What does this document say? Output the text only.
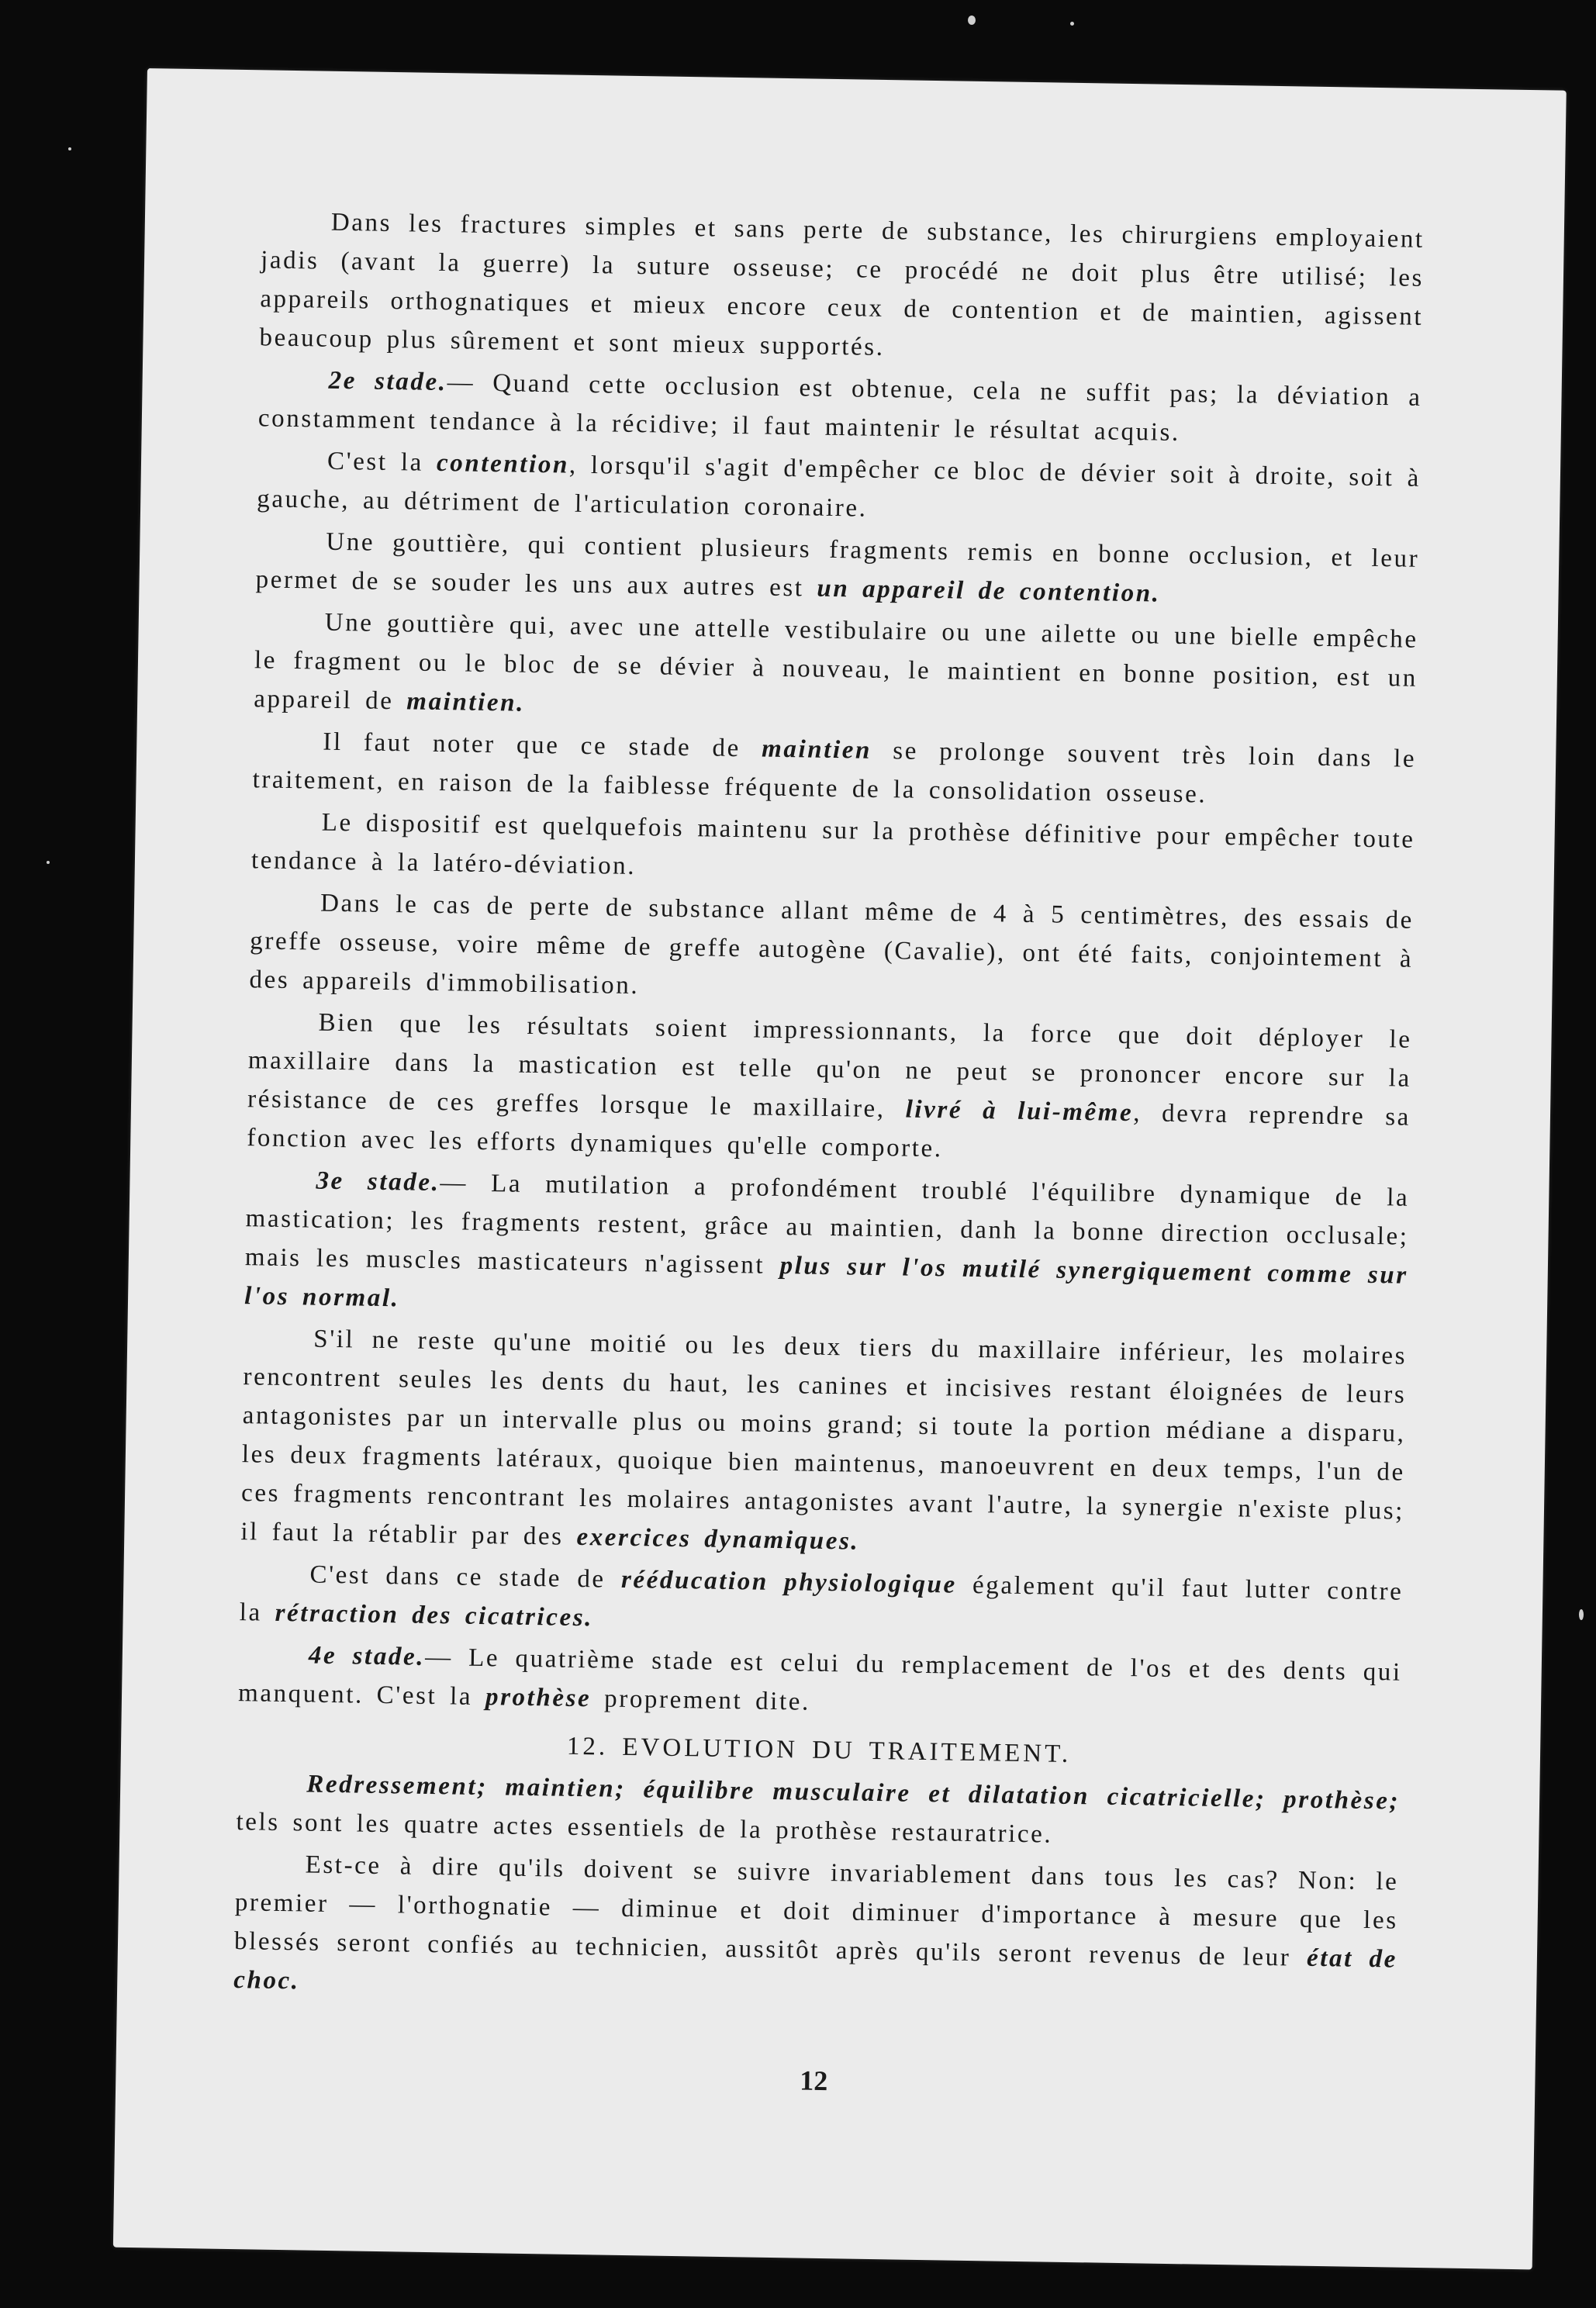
Dans les fractures simples et sans perte de substance, les chirurgiens employaient jadis (avant la guerre) la suture osseuse; ce procédé ne doit plus être utilisé; les appareils orthognatiques et mieux encore ceux de contention et de maintien, agissent beaucoup plus sûrement et sont mieux supportés.

2e stade.— Quand cette occlusion est obtenue, cela ne suffit pas; la déviation a constamment tendance à la récidive; il faut maintenir le résultat acquis.

C'est la contention, lorsqu'il s'agit d'empêcher ce bloc de dévier soit à droite, soit à gauche, au détriment de l'articulation coronaire.

Une gouttière, qui contient plusieurs fragments remis en bonne occlusion, et leur permet de se souder les uns aux autres est un appareil de contention.

Une gouttière qui, avec une attelle vestibulaire ou une ailette ou une bielle empêche le fragment ou le bloc de se dévier à nouveau, le maintient en bonne position, est un appareil de maintien.

Il faut noter que ce stade de maintien se prolonge souvent très loin dans le traitement, en raison de la faiblesse fréquente de la consolidation osseuse.

Le dispositif est quelquefois maintenu sur la prothèse définitive pour empêcher toute tendance à la latéro-déviation.

Dans le cas de perte de substance allant même de 4 à 5 centimètres, des essais de greffe osseuse, voire même de greffe autogène (Cavalie), ont été faits, conjointement à des appareils d'immobilisation.

Bien que les résultats soient impressionnants, la force que doit déployer le maxillaire dans la mastication est telle qu'on ne peut se prononcer encore sur la résistance de ces greffes lorsque le maxillaire, livré à lui-même, devra reprendre sa fonction avec les efforts dynamiques qu'elle comporte.

3e stade.— La mutilation a profondément troublé l'équilibre dynamique de la mastication; les fragments restent, grâce au maintien, danh la bonne direction occlusale; mais les muscles masticateurs n'agissent plus sur l'os mutilé synergiquement comme sur l'os normal.

S'il ne reste qu'une moitié ou les deux tiers du maxillaire inférieur, les molaires rencontrent seules les dents du haut, les canines et incisives restant éloignées de leurs antagonistes par un intervalle plus ou moins grand; si toute la portion médiane a disparu, les deux fragments latéraux, quoique bien maintenus, manoeuvrent en deux temps, l'un de ces fragments rencontrant les molaires antagonistes avant l'autre, la synergie n'existe plus; il faut la rétablir par des exercices dynamiques.

C'est dans ce stade de rééducation physiologique également qu'il faut lutter contre la rétraction des cicatrices.

4e stade.— Le quatrième stade est celui du remplacement de l'os et des dents qui manquent. C'est la prothèse proprement dite.

12. EVOLUTION DU TRAITEMENT.

Redressement; maintien; équilibre musculaire et dilatation cicatricielle; prothèse; tels sont les quatre actes essentiels de la prothèse restauratrice.

Est-ce à dire qu'ils doivent se suivre invariablement dans tous les cas? Non: le premier — l'orthognatie — diminue et doit diminuer d'importance à mesure que les blessés seront confiés au technicien, aussitôt après qu'ils seront revenus de leur état de choc.

12
